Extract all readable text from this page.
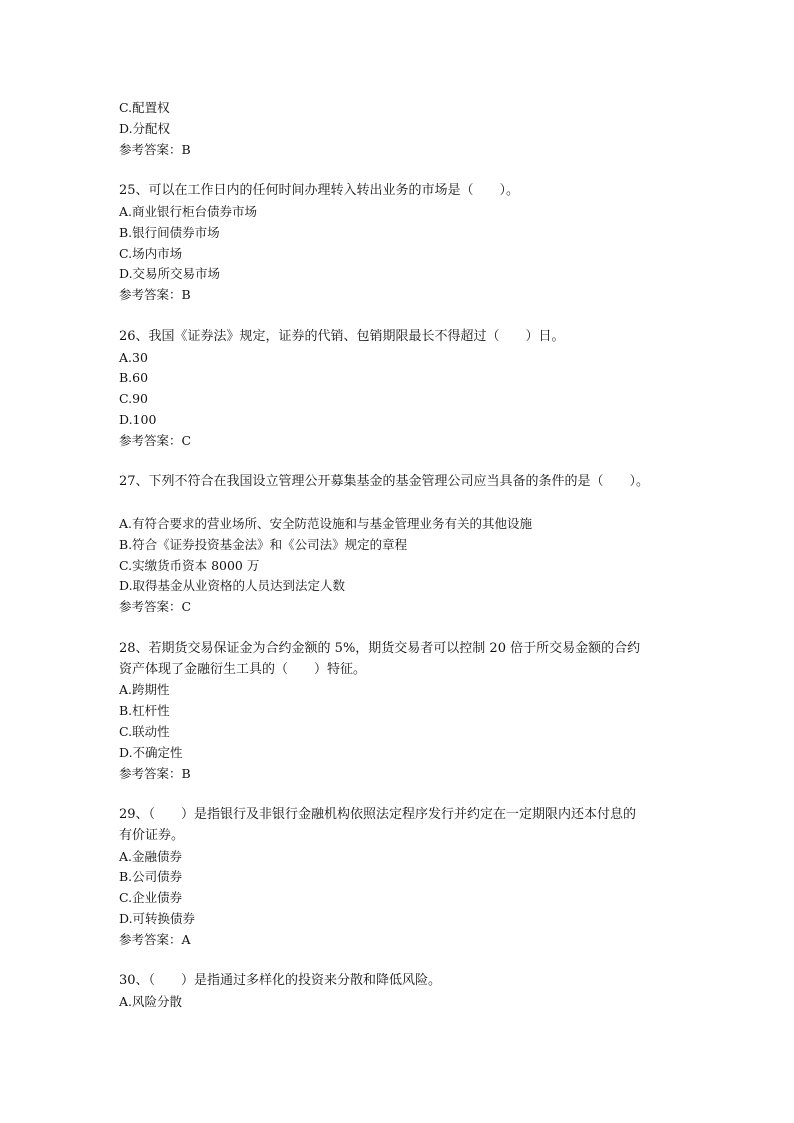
C.配置权
D.分配权
参考答案：B
25、可以在工作日内的任何时间办理转入转出业务的市场是（　　）。
A.商业银行柜台债券市场
B.银行间债券市场
C.场内市场
D.交易所交易市场
参考答案：B
26、我国《证券法》规定，证券的代销、包销期限最长不得超过（　　）日。
A.30
B.60
C.90
D.100
参考答案：C
27、下列不符合在我国设立管理公开募集基金的基金管理公司应当具备的条件的是（　　）。
A.有符合要求的营业场所、安全防范设施和与基金管理业务有关的其他设施
B.符合《证券投资基金法》和《公司法》规定的章程
C.实缴货币资本 8000 万
D.取得基金从业资格的人员达到法定人数
参考答案：C
28、若期货交易保证金为合约金额的 5%，期货交易者可以控制 20 倍于所交易金额的合约
资产体现了金融衍生工具的（　　）特征。
A.跨期性
B.杠杆性
C.联动性
D.不确定性
参考答案：B
29、（　　）是指银行及非银行金融机构依照法定程序发行并约定在一定期限内还本付息的
有价证券。
A.金融债券
B.公司债券
C.企业债券
D.可转换债券
参考答案：A
30、（　　）是指通过多样化的投资来分散和降低风险。
A.风险分散
